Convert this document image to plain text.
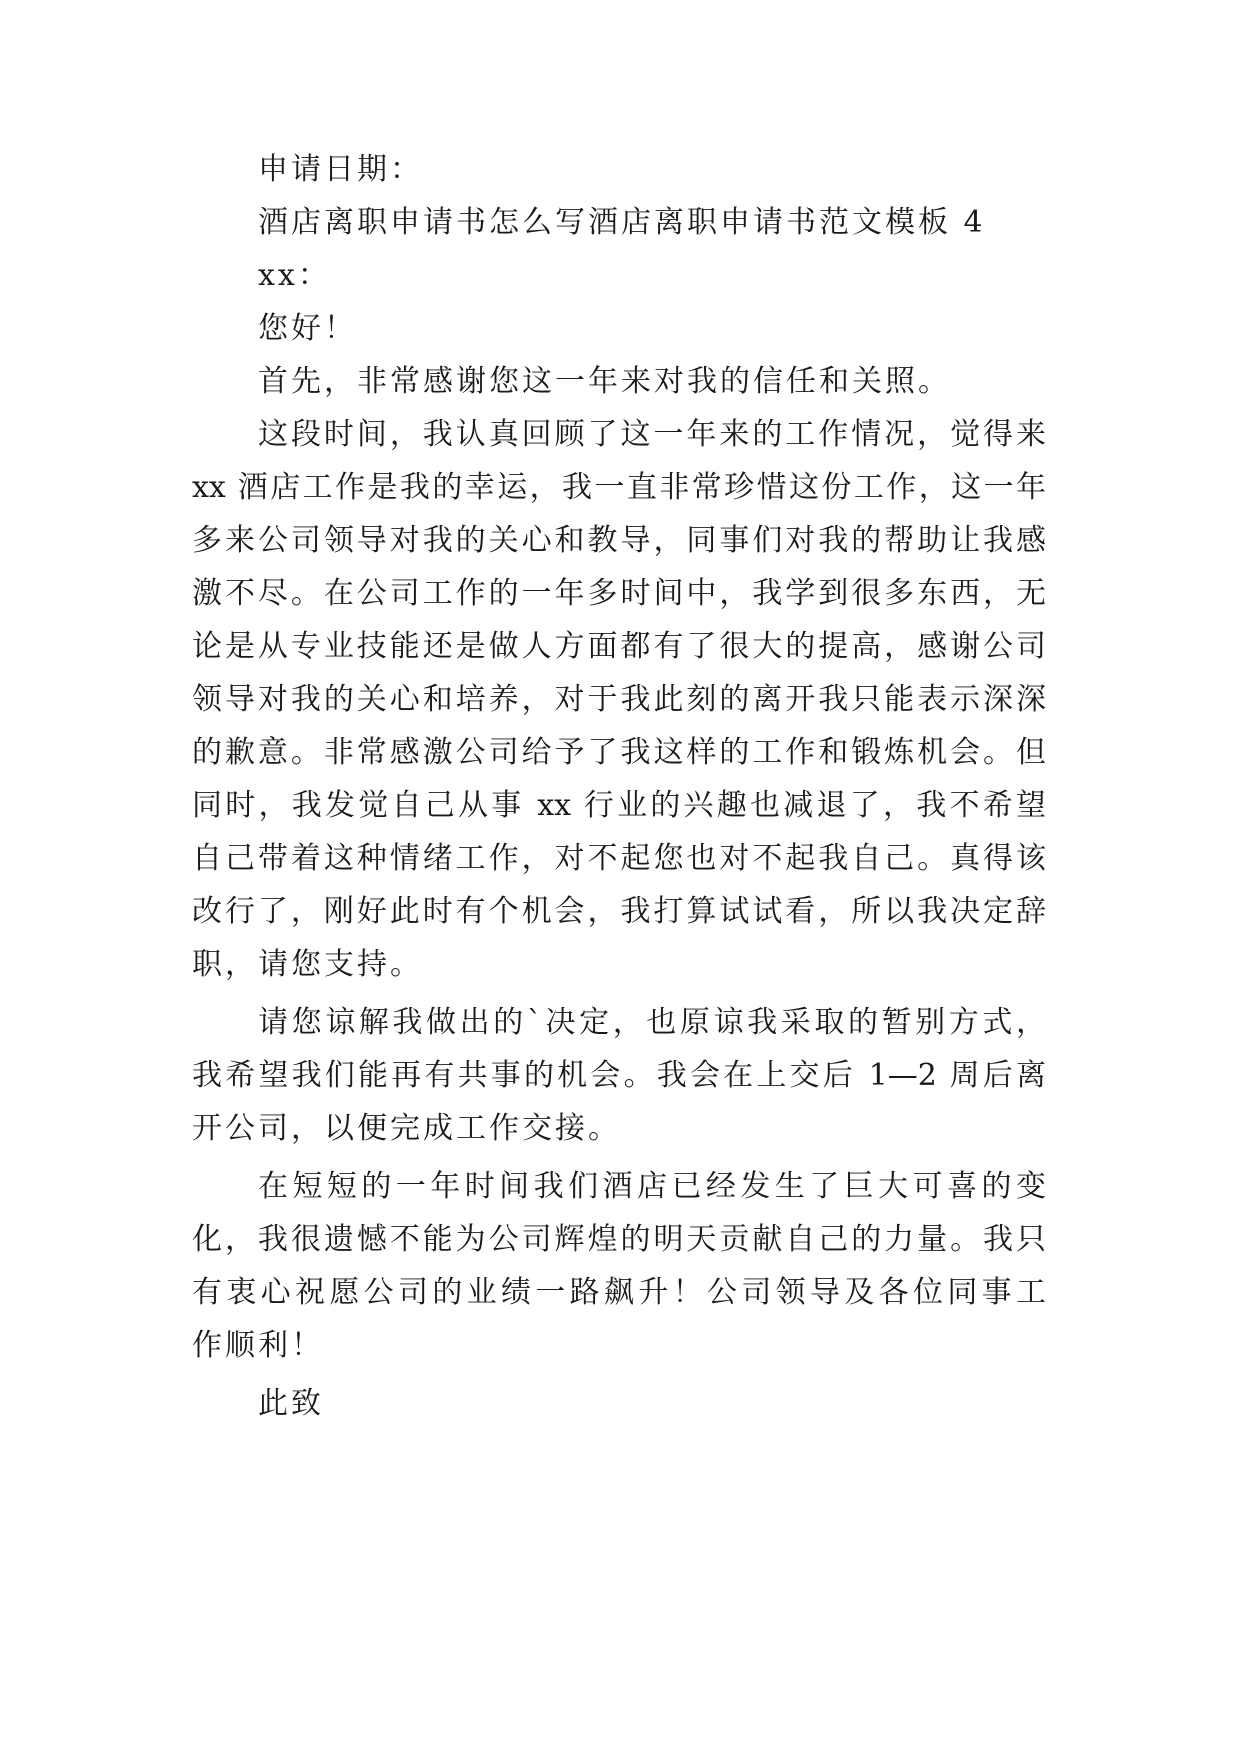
申请日期：
酒店离职申请书怎么写酒店离职申请书范文模板 4
xx：
您好！
首先，非常感谢您这一年来对我的信任和关照。
这段时间，我认真回顾了这一年来的工作情况，觉得来
xx 酒店工作是我的幸运，我一直非常珍惜这份工作，这一年
多来公司领导对我的关心和教导，同事们对我的帮助让我感
激不尽。在公司工作的一年多时间中，我学到很多东西，无
论是从专业技能还是做人方面都有了很大的提高，感谢公司
领导对我的关心和培养，对于我此刻的离开我只能表示深深
的歉意。非常感激公司给予了我这样的工作和锻炼机会。但
同时，我发觉自己从事 xx 行业的兴趣也减退了，我不希望
自己带着这种情绪工作，对不起您也对不起我自己。真得该
改行了，刚好此时有个机会，我打算试试看，所以我决定辞
职，请您支持。
请您谅解我做出的`决定，也原谅我采取的暂别方式，
我希望我们能再有共事的机会。我会在上交后 1—2 周后离
开公司，以便完成工作交接。
在短短的一年时间我们酒店已经发生了巨大可喜的变
化，我很遗憾不能为公司辉煌的明天贡献自己的力量。我只
有衷心祝愿公司的业绩一路飙升！公司领导及各位同事工
作顺利！
此致
